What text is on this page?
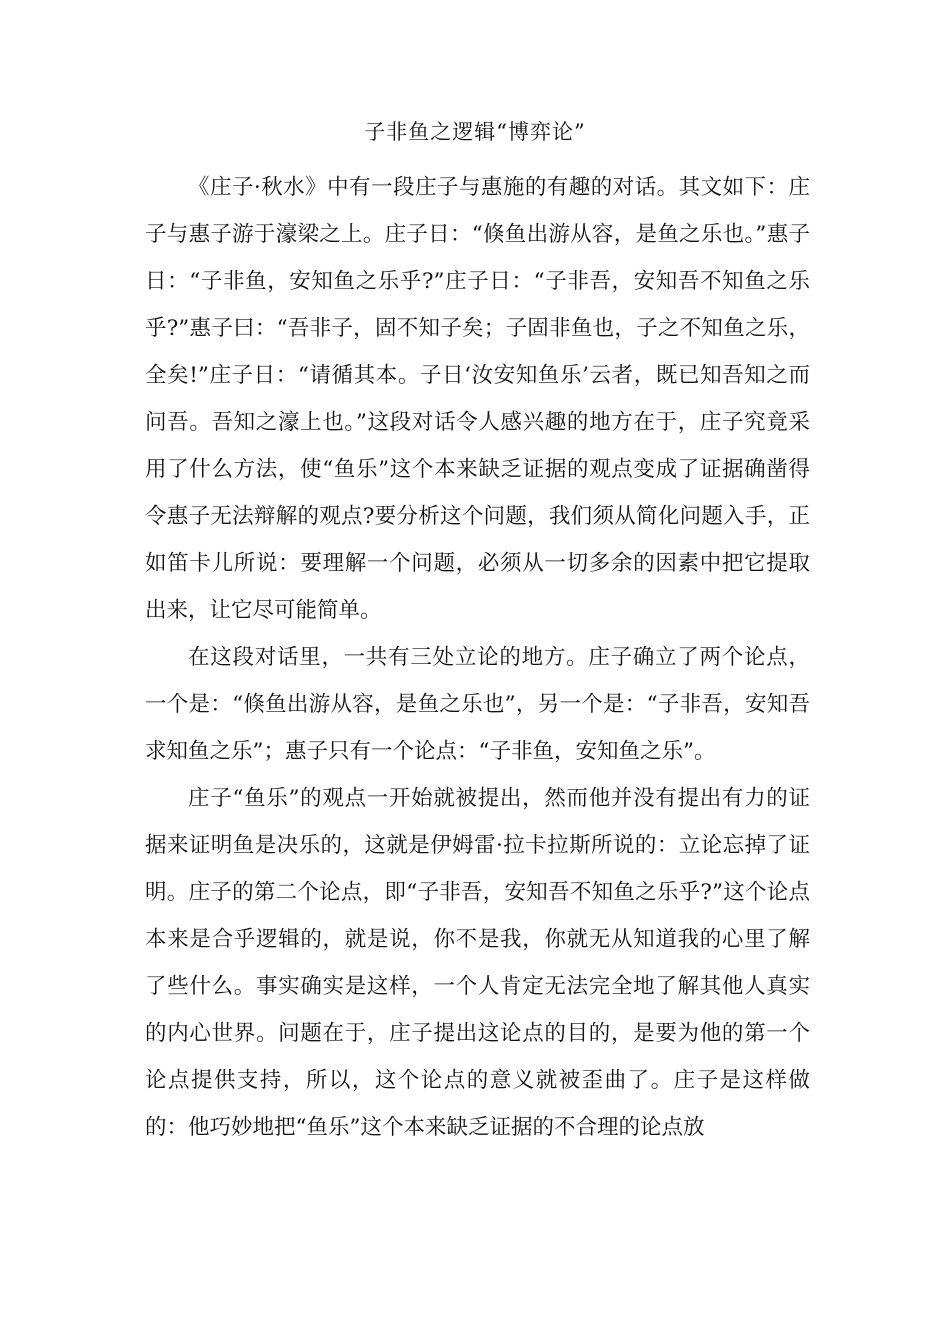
子非鱼之逻辑“博弈论”

《庄子·秋水》中有一段庄子与惠施的有趣的对话。其文如下：庄子与惠子游于濠梁之上。庄子日：“倏鱼出游从容，是鱼之乐也。”惠子日：“子非鱼，安知鱼之乐乎?”庄子日：“子非吾，安知吾不知鱼之乐乎?”惠子曰：“吾非子，固不知子矣；子固非鱼也，子之不知鱼之乐，全矣!”庄子日：“请循其本。子日‘汝安知鱼乐’云者，既已知吾知之而问吾。吾知之濠上也。”这段对话令人感兴趣的地方在于，庄子究竟采用了什么方法，使“鱼乐”这个本来缺乏证据的观点变成了证据确凿得令惠子无法辩解的观点?要分析这个问题，我们须从简化问题入手，正如笛卡儿所说：要理解一个问题，必须从一切多余的因素中把它提取出来，让它尽可能简单。

在这段对话里，一共有三处立论的地方。庄子确立了两个论点，一个是：“倏鱼出游从容，是鱼之乐也”，另一个是：“子非吾，安知吾求知鱼之乐”；惠子只有一个论点：“子非鱼，安知鱼之乐”。

庄子“鱼乐”的观点一开始就被提出，然而他并没有提出有力的证据来证明鱼是决乐的，这就是伊姆雷·拉卡拉斯所说的：立论忘掉了证明。庄子的第二个论点，即“子非吾，安知吾不知鱼之乐乎?”这个论点本来是合乎逻辑的，就是说，你不是我，你就无从知道我的心里了解了些什么。事实确实是这样，一个人肯定无法完全地了解其他人真实的内心世界。问题在于，庄子提出这论点的目的，是要为他的第一个论点提供支持，所以，这个论点的意义就被歪曲了。庄子是这样做的：他巧妙地把“鱼乐”这个本来缺乏证据的不合理的论点放
